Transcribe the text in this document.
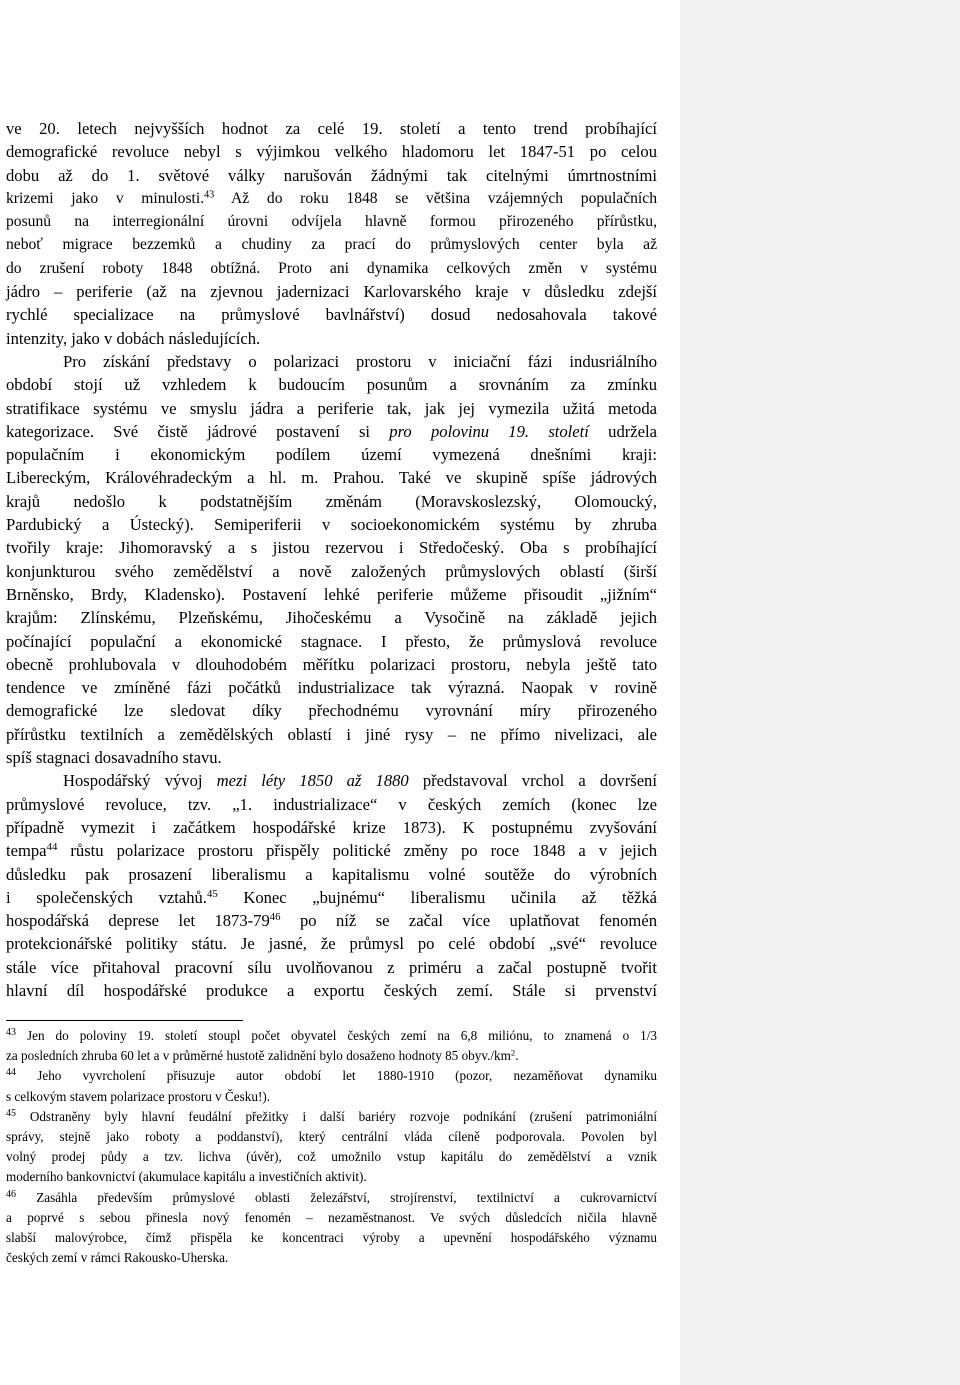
ve 20. letech nejvyšších hodnot za celé 19. století a tento trend probíhající
demografické revoluce nebyl s výjimkou velkého hladomoru let 1847-51 po celou
dobu až do 1. světové války narušován žádnými tak citelnými úmrtnostními
krizemi jako v minulosti.$^{43}$ Až do roku 1848 se většina vzájemných populačních
posunů na interregionální úrovni odvíjela hlavně formou přirozeného přírůstku,
neboť migrace bezzemků a chudiny za prací do průmyslových center byla až
do zrušení roboty 1848 obtížná. Proto ani dynamika celkových změn v systému
jádro – periferie (až na zjevnou jadernizaci Karlovarského kraje v důsledku zdejší
rychlé specializace na průmyslové bavlnářství) dosud nedosahovala takové
intenzity, jako v dobách následujících.
Pro získání představy o polarizaci prostoru v iniciační fázi indusriálního
období stojí už vzhledem k budoucím posunům a srovnáním za zmínku
stratifikace systému ve smyslu jádra a periferie tak, jak jej vymezila užitá metoda
kategorizace. Své čistě jádrové postavení si pro polovinu 19. století udržela
populačním i ekonomickým podílem území vymezená dnešními kraji:
Libereckým, Královéhradeckým a hl. m. Prahou. Také ve skupině spíše jádrových
krajů nedošlo k podstatnějším změnám (Moravskoslezský, Olomoucký,
Pardubický a Ústecký). Semiperiferii v socioekonomickém systému by zhruba
tvořily kraje: Jihomoravský a s jistou rezervou i Středočeský. Oba s probíhající
konjunkturou svého zemědělství a nově založených průmyslových oblastí (širší
Brněnsko, Brdy, Kladensko). Postavení lehké periferie můžeme přisoudit „jižním“
krajům: Zlínskému, Plzeňskému, Jihočeskému a Vysočině na základě jejich
počínající populační a ekonomické stagnace. I přesto, že průmyslová revoluce
obecně prohlubovala v dlouhodobém měřítku polarizaci prostoru, nebyla ještě tato
tendence ve zmíněné fázi počátků industrializace tak výrazná. Naopak v rovině
demografické lze sledovat díky přechodnému vyrovnání míry přirozeného
přírůstku textilních a zemědělských oblastí i jiné rysy – ne přímo nivelizaci, ale
spíš stagnaci dosavadního stavu.
Hospodářský vývoj mezi léty 1850 až 1880 představoval vrchol a dovršení
průmyslové revoluce, tzv. „1. industrializace“ v českých zemích (konec lze
případně vymezit i začátkem hospodářské krize 1873). K postupnému zvyšování
tempa$^{44}$ růstu polarizace prostoru přispěly politické změny po roce 1848 a v jejich
důsledku pak prosazení liberalismu a kapitalismu volné soutěže do výrobních
i společenských vztahů.$^{45}$ Konec „bujnému“ liberalismu učinila až těžká
hospodářská deprese let $1873-79^{46}$ po níž se začal více uplatňovat fenomén
protekcionářské politiky státu. Je jasné, že průmysl po celé období „své“ revoluce
stále více přitahoval pracovní sílu uvolňovanou z priméru a začal postupně tvořit
hlavní díl hospodářské produkce a exportu českých zemí. Stále si prvenství
$^{43}$ Jen do poloviny 19. století stoupl počet obyvatel českých zemí na 6,8 miliónu, to znamená o 1/3
za posledních zhruba 60 let a v průměrné hustotě zalidnění bylo dosaženo hodnoty 85 $obyv./km^2$.
$^{44}$ Jeho vyvrcholení přisuzuje autor období let 1880-1910 (pozor, nezaměňovat dynamiku
s celkovým stavem polarizace prostoru v Česku!).
$^{45}$ Odstraněny byly hlavní feudální přežitky i další bariéry rozvoje podnikání (zrušení patrimoniální
správy, stejně jako roboty a poddanství), který centrální vláda cíleně podporovala. Povolen byl
volný prodej půdy a tzv. lichva (úvěr), což umožnilo vstup kapitálu do zemědělství a vznik
moderního bankovnictví (akumulace kapitálu a investičních aktivit).
$^{46}$ Zasáhla především průmyslové oblasti železářství, strojírenství, textilnictví a cukrovarnictví
a poprvé s sebou přinesla nový fenomén – nezaměstnanost. Ve svých důsledcích ničila hlavně
slabší malovýrobce, čímž přispěla ke koncentraci výroby a upevnění hospodářského významu
českých zemí v rámci Rakousko-Uherska.
